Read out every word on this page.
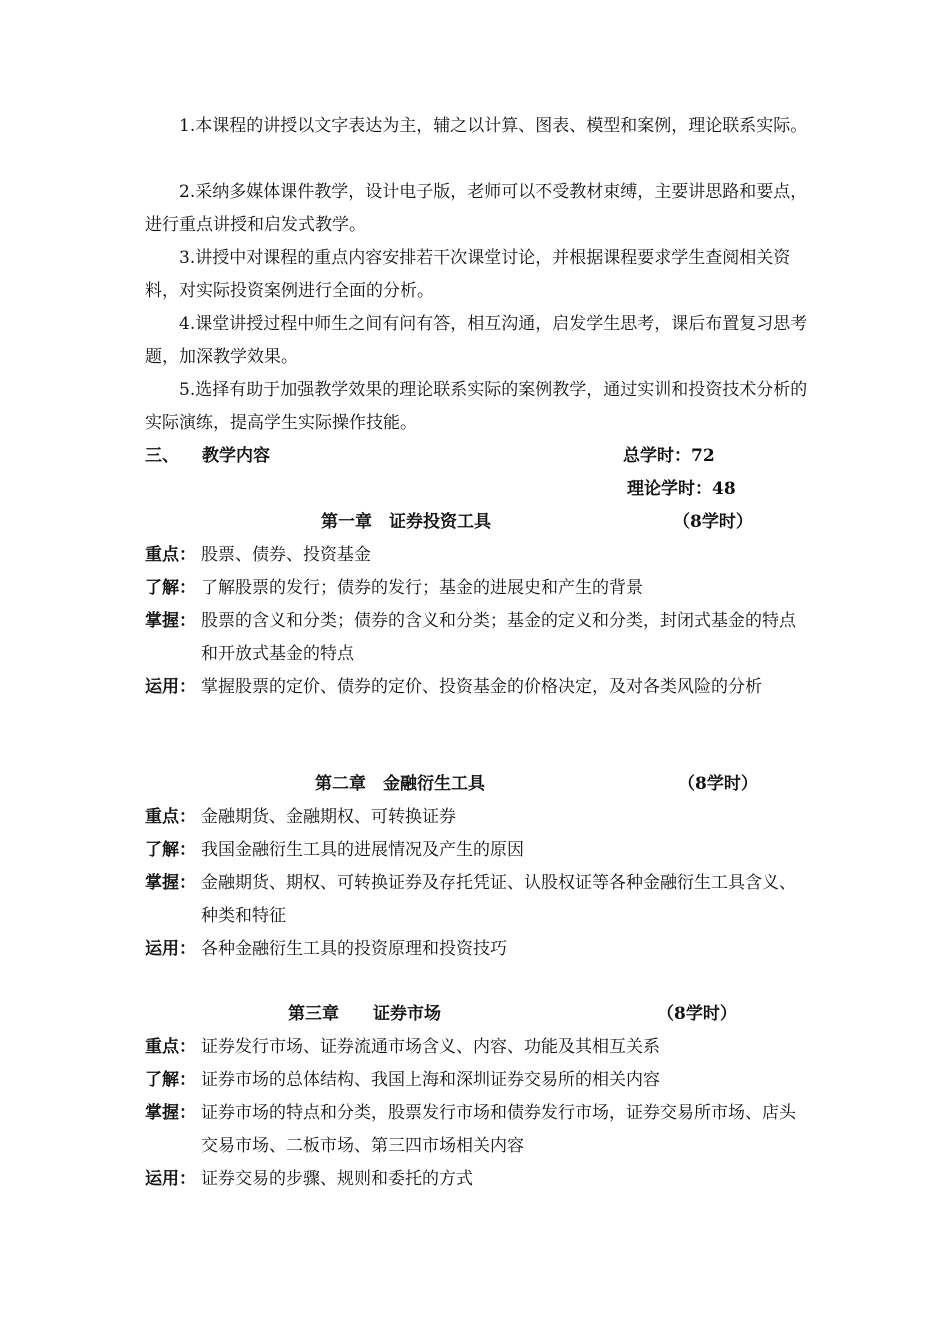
1.本课程的讲授以文字表达为主，辅之以计算、图表、模型和案例，理论联系实际。

2.采纳多媒体课件教学，设计电子版，老师可以不受教材束缚，主要讲思路和要点，进行重点讲授和启发式教学。

3.讲授中对课程的重点内容安排若干次课堂讨论，并根据课程要求学生查阅相关资料，对实际投资案例进行全面的分析。

4.课堂讲授过程中师生之间有问有答，相互沟通，启发学生思考，课后布置复习思考题，加深教学效果。

5.选择有助于加强教学效果的理论联系实际的案例教学，通过实训和投资技术分析的实际演练，提高学生实际操作技能。

三、 教学内容	总学时：72
理论学时：48
第一章　证券投资工具	（8学时）
重点： 股票、债券、投资基金
了解： 了解股票的发行；债券的发行；基金的进展史和产生的背景
掌握： 股票的含义和分类；债券的含义和分类；基金的定义和分类，封闭式基金的特点和开放式基金的特点
运用： 掌握股票的定价、债券的定价、投资基金的价格决定，及对各类风险的分析
第二章　金融衍生工具	（8学时）
重点： 金融期货、金融期权、可转换证券
了解： 我国金融衍生工具的进展情况及产生的原因
掌握： 金融期货、期权、可转换证券及存托凭证、认股权证等各种金融衍生工具含义、种类和特征
运用： 各种金融衍生工具的投资原理和投资技巧
第三章　　证券市场	（8学时）
重点： 证券发行市场、证券流通市场含义、内容、功能及其相互关系
了解： 证券市场的总体结构、我国上海和深圳证券交易所的相关内容
掌握： 证券市场的特点和分类，股票发行市场和债券发行市场，证券交易所市场、店头交易市场、二板市场、第三四市场相关内容
运用： 证券交易的步骤、规则和委托的方式
